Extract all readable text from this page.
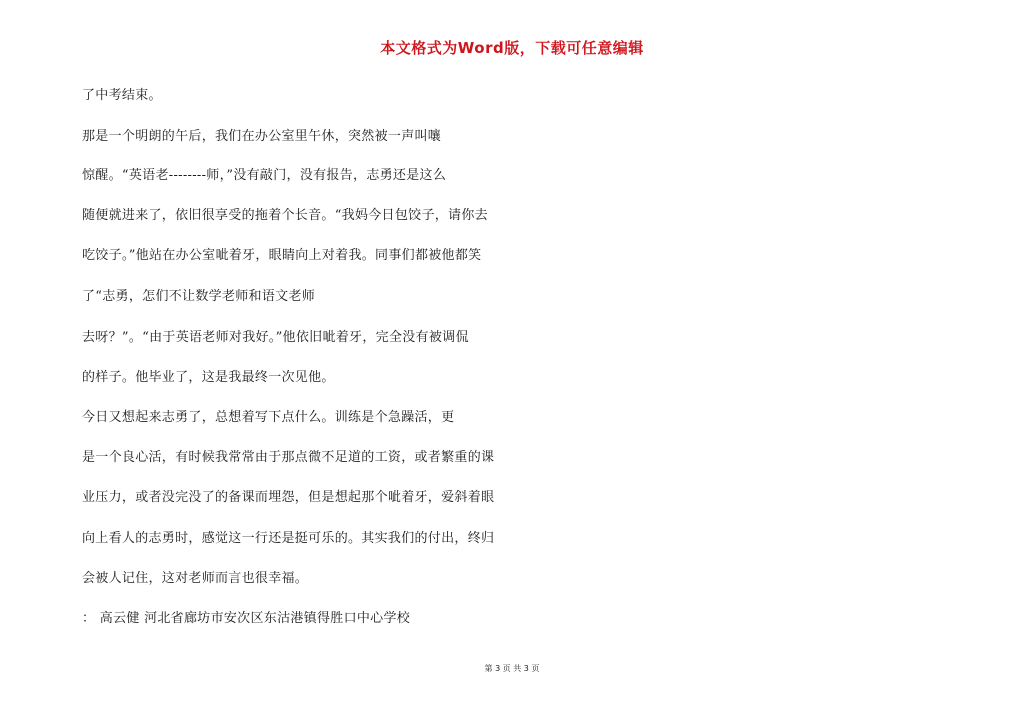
本文格式为Word版，下载可任意编辑
了中考结束。
那是一个明朗的午后，我们在办公室里午休，突然被一声叫嚷
惊醒。“英语老--------师，”没有敲门，没有报告，志勇还是这么
随便就进来了，依旧很享受的拖着个长音。“我妈今日包饺子，请你去
吃饺子。”他站在办公室呲着牙，眼睛向上对着我。同事们都被他都笑
了“志勇，怎们不让数学老师和语文老师
去呀？”。“由于英语老师对我好。”他依旧呲着牙，完全没有被调侃
的样子。他毕业了，这是我最终一次见他。
今日又想起来志勇了，总想着写下点什么。训练是个急躁活，更
是一个良心活，有时候我常常由于那点微不足道的工资，或者繁重的课
业压力，或者没完没了的备课而埋怨，但是想起那个呲着牙，爱斜着眼
向上看人的志勇时，感觉这一行还是挺可乐的。其实我们的付出，终归
会被人记住，这对老师而言也很幸福。
： 高云健 河北省廊坊市安次区东沽港镇得胜口中心学校
第 3 页 共 3 页
